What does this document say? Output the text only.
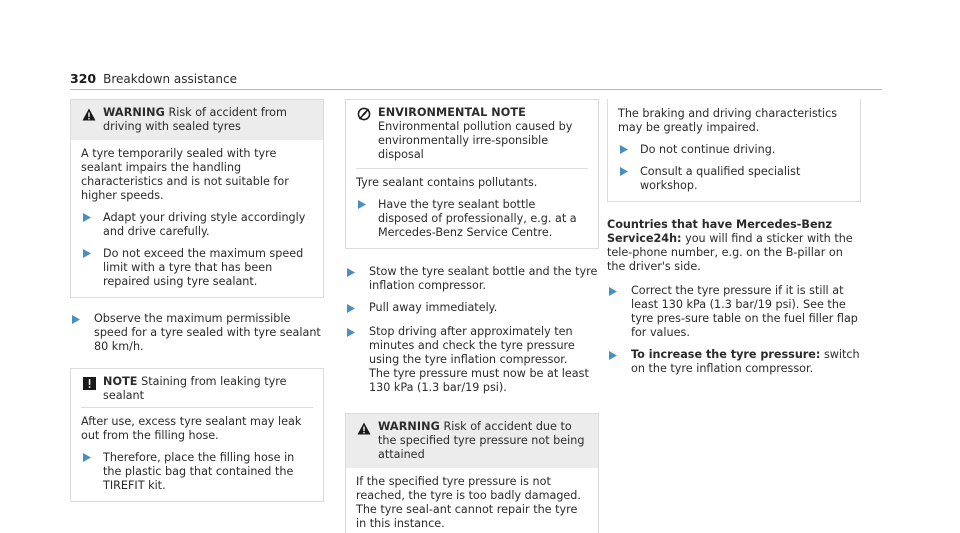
320 Breakdown assistance
WARNING Risk of accident from driving with sealed tyres

A tyre temporarily sealed with tyre sealant impairs the handling characteristics and is not suitable for higher speeds.

Adapt your driving style accordingly and drive carefully.
Do not exceed the maximum speed limit with a tyre that has been repaired using tyre sealant.
Observe the maximum permissible speed for a tyre sealed with tyre sealant 80 km/h.
NOTE Staining from leaking tyre sealant

After use, excess tyre sealant may leak out from the filling hose.

Therefore, place the filling hose in the plastic bag that contained the TIREFIT kit.
ENVIRONMENTAL NOTE Environmental pollution caused by environmentally irre-sponsible disposal

Tyre sealant contains pollutants.

Have the tyre sealant bottle disposed of professionally, e.g. at a Mercedes-Benz Service Centre.
Stow the tyre sealant bottle and the tyre inflation compressor.
Pull away immediately.
Stop driving after approximately ten minutes and check the tyre pressure using the tyre inflation compressor.
The tyre pressure must now be at least 130 kPa (1.3 bar/19 psi).
WARNING Risk of accident due to the specified tyre pressure not being attained

If the specified tyre pressure is not reached, the tyre is too badly damaged. The tyre seal-ant cannot repair the tyre in this instance.

The braking and driving characteristics may be greatly impaired.

Do not continue driving.
Consult a qualified specialist workshop.

Countries that have Mercedes-Benz Service24h: you will find a sticker with the tele-phone number, e.g. on the B-pillar on the driver's side.

Correct the tyre pressure if it is still at least 130 kPa (1.3 bar/19 psi). See the tyre pres-sure table on the fuel filler flap for values.
To increase the tyre pressure: switch on the tyre inflation compressor.
